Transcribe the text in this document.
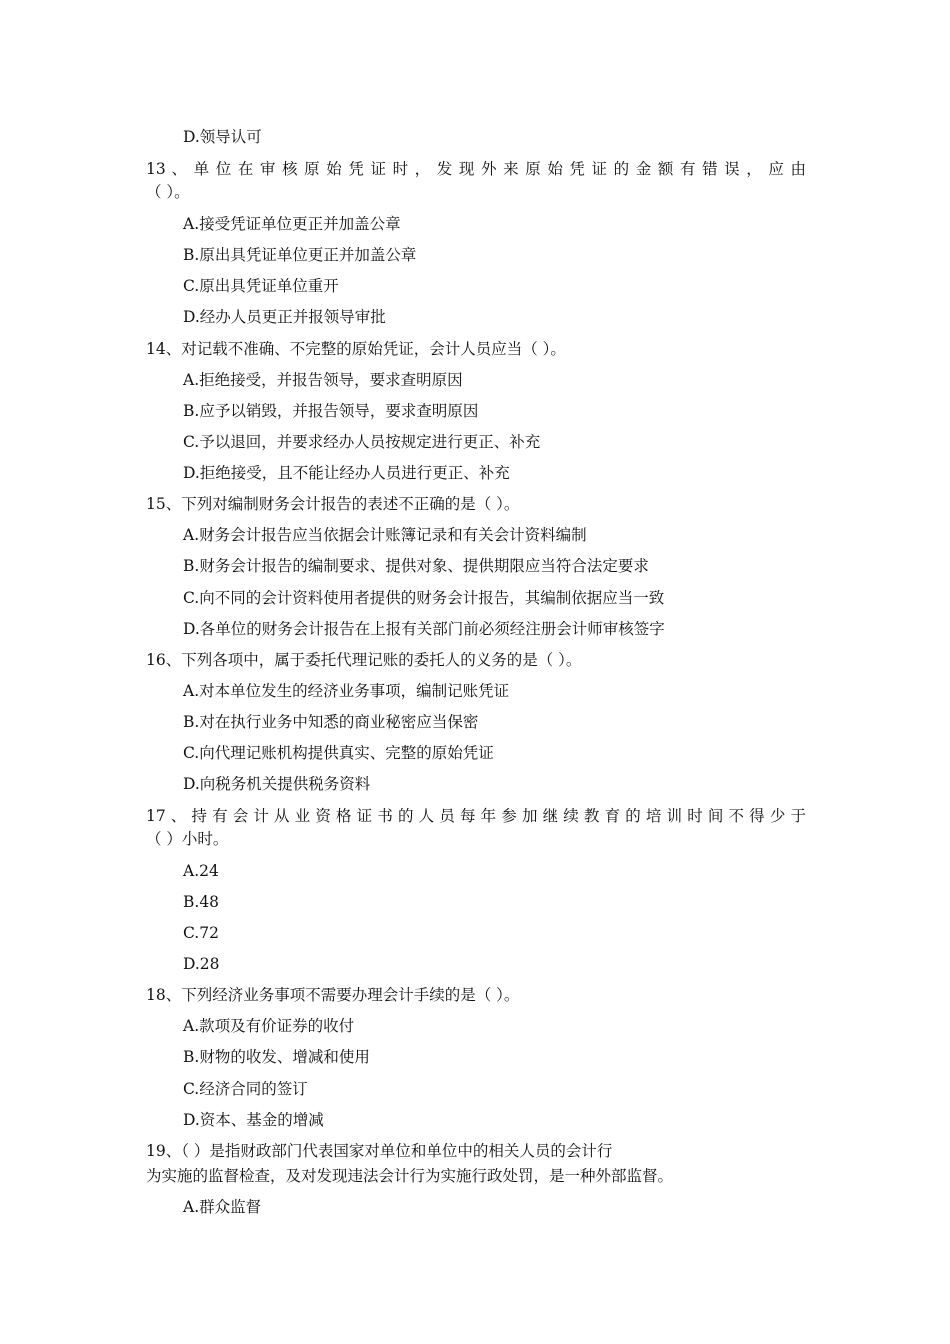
D.领导认可
13 、 单 位 在 审 核 原 始 凭 证 时 ， 发 现 外 来 原 始 凭 证 的 金 额 有 错 误 ， 应 由
（ ）。
A.接受凭证单位更正并加盖公章
B.原出具凭证单位更正并加盖公章
C.原出具凭证单位重开
D.经办人员更正并报领导审批
14、对记载不准确、不完整的原始凭证，会计人员应当（ ）。
A.拒绝接受，并报告领导，要求查明原因
B.应予以销毁，并报告领导，要求查明原因
C.予以退回，并要求经办人员按规定进行更正、补充
D.拒绝接受，且不能让经办人员进行更正、补充
15、下列对编制财务会计报告的表述不正确的是（ ）。
A.财务会计报告应当依据会计账簿记录和有关会计资料编制
B.财务会计报告的编制要求、提供对象、提供期限应当符合法定要求
C.向不同的会计资料使用者提供的财务会计报告，其编制依据应当一致
D.各单位的财务会计报告在上报有关部门前必须经注册会计师审核签字
16、下列各项中，属于委托代理记账的委托人的义务的是（ ）。
A.对本单位发生的经济业务事项，编制记账凭证
B.对在执行业务中知悉的商业秘密应当保密
C.向代理记账机构提供真实、完整的原始凭证
D.向税务机关提供税务资料
17 、 持 有 会 计 从 业 资 格 证 书 的 人 员 每 年 参 加 继 续 教 育 的 培 训 时 间 不 得 少 于
（ ）小时。
A.24
B.48
C.72
D.28
18、下列经济业务事项不需要办理会计手续的是（ ）。
A.款项及有价证券的收付
B.财物的收发、增减和使用
C.经济合同的签订
D.资本、基金的增减
19、（ ）是指财政部门代表国家对单位和单位中的相关人员的会计行
为实施的监督检查，及对发现违法会计行为实施行政处罚，是一种外部监督。
A.群众监督
